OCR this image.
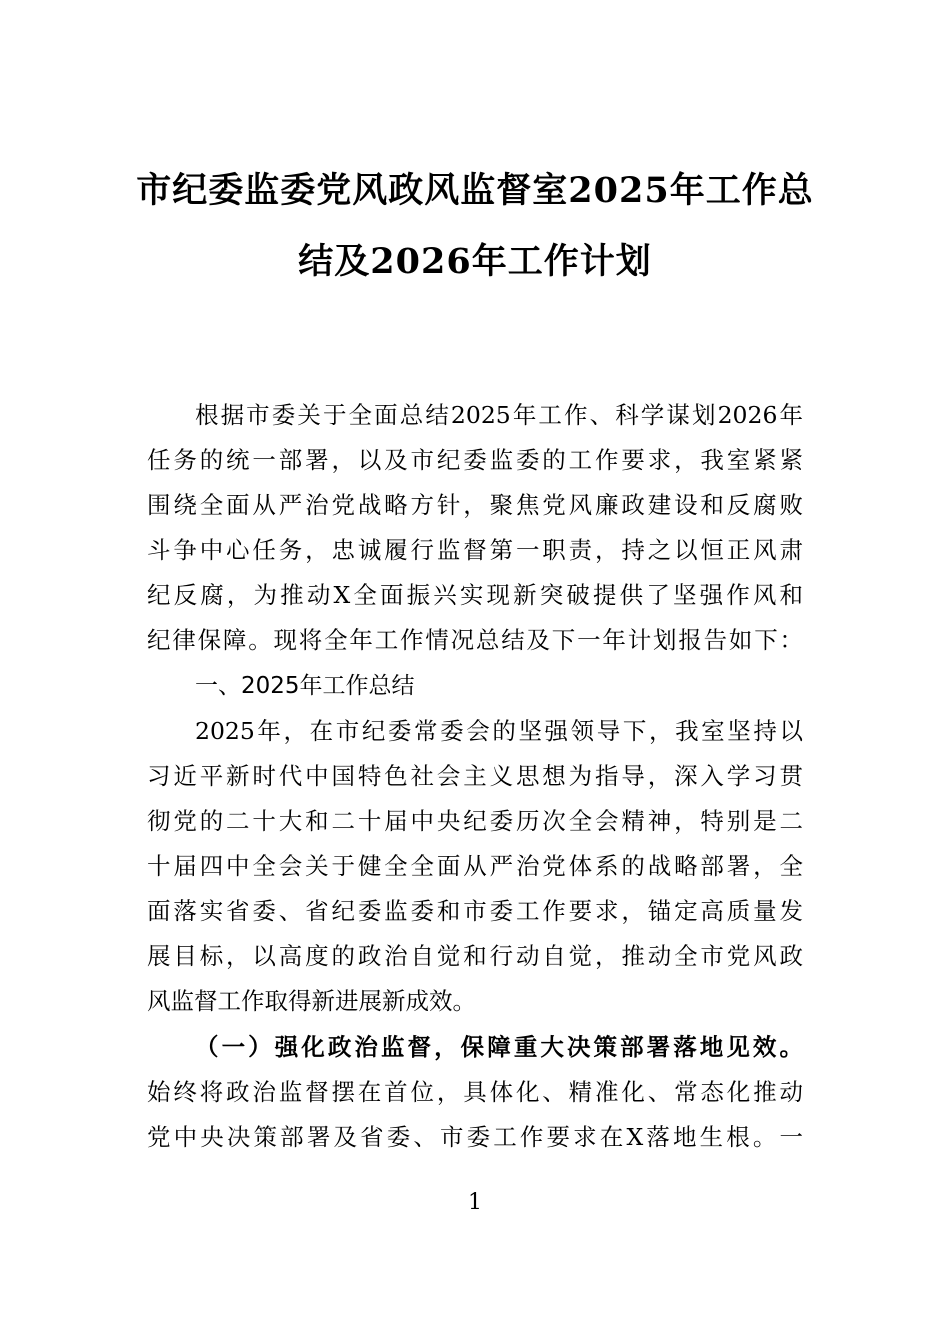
市纪委监委党风政风监督室2025年工作总
结及2026年工作计划
根据市委关于全面总结2025年工作、科学谋划2026年
任务的统一部署，以及市纪委监委的工作要求，我室紧紧
围绕全面从严治党战略方针，聚焦党风廉政建设和反腐败
斗争中心任务，忠诚履行监督第一职责，持之以恒正风肃
纪反腐，为推动X全面振兴实现新突破提供了坚强作风和
纪律保障。现将全年工作情况总结及下一年计划报告如下：
一、2025年工作总结
2025年，在市纪委常委会的坚强领导下，我室坚持以
习近平新时代中国特色社会主义思想为指导，深入学习贯
彻党的二十大和二十届中央纪委历次全会精神，特别是二
十届四中全会关于健全全面从严治党体系的战略部署，全
面落实省委、省纪委监委和市委工作要求，锚定高质量发
展目标，以高度的政治自觉和行动自觉，推动全市党风政
风监督工作取得新进展新成效。
（一）强化政治监督，保障重大决策部署落地见效。
始终将政治监督摆在首位，具体化、精准化、常态化推动
党中央决策部署及省委、市委工作要求在X落地生根。一
1
